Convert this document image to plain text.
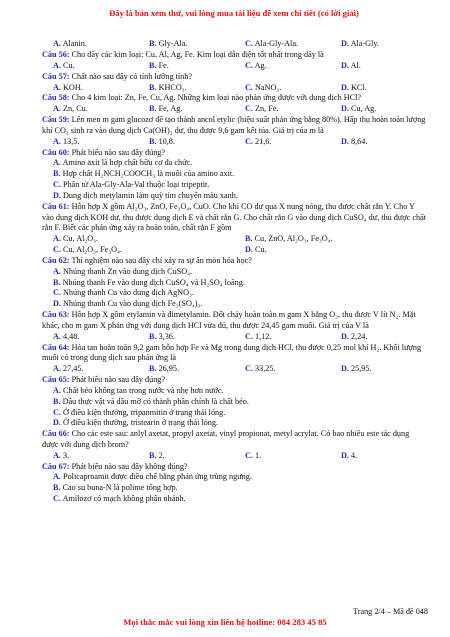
Đây là bản xem thử, vui lòng mua tài liệu để xem chi tiết (có lời giải)
A. Alanin.	B. Gly-Ala.	C. Ala-Gly-Ala.	D. Ala-Gly.
Câu 56: Cho dãy các kim loại: Cu, Al, Ag, Fe. Kim loại dẫn điện tốt nhất trong dãy là
A. Cu.	B. Fe.	C. Ag.	D. Al.
Câu 57: Chất nào sau đây có tính lưỡng tính?
A. KOH.	B. KHCO₃.	C. NaNO₃.	D. KCl.
Câu 58: Cho 4 kim loại: Zn, Fe, Cu, Ag. Những kim loại nào phản ứng được với dung dịch HCl?
A. Zn, Cu.	B. Fe, Ag.	C. Zn, Fe.	D. Cu, Ag.
Câu 59: Lên men m gam glucozơ để tạo thành ancol etylic (hiệu suất phản ứng bằng 80%). Hấp thụ hoàn toàn lượng khí CO₂ sinh ra vào dung dịch Ca(OH)₂ dư, thu được 9,6 gam kết tủa. Giá trị của m là
A. 13,5.	B. 10,8.	C. 21,6.	D. 8,64.
Câu 60: Phát biểu nào sau đây đúng?
A. Amino axit là hợp chất hữu cơ đa chức.
B. Hợp chất H₂NCH₂COOCH₃ là muối của amino axit.
C. Phân tử Ala-Gly-Ala-Val thuộc loại tripeptit.
D. Dung dịch metylamin làm quỳ tím chuyển màu xanh.
Câu 61: Hỗn hợp X gồm Al₂O₃, ZnO, Fe₃O₄, CuO. Cho khí CO dư qua X nung nóng, thu được chất rắn Y. Cho Y vào dung dịch KOH dư, thu được dung dịch E và chất rắn G. Cho chất rắn G vào dung dịch CuSO₄ dư, thu được chất rắn F. Biết các phản ứng xảy ra hoàn toàn, chất rắn F gồm
A. Cu, Al₂O₃.	B. Cu, ZnO, Al₂O₃, Fe₃O₄.
C. Cu, Al₂O₃, Fe₃O₄.	D. Cu.
Câu 62: Thí nghiệm nào sau đây chỉ xảy ra sự ăn mòn hóa học?
A. Nhúng thanh Zn vào dung dịch CuSO₄.
B. Nhúng thanh Fe vào dung dịch CuSO₄ và H₂SO₄ loãng.
C. Nhúng thanh Cu vào dung dịch AgNO₃.
D. Nhúng thanh Cu vào dung dịch Fe₂(SO₄)₃.
Câu 63: Hỗn hợp X gồm etylamin và đimetylamin. Đốt cháy hoàn toàn m gam X bằng O₂, thu được V lít N₂. Mặt khác, cho m gam X phản ứng với dung dịch HCl vừa đủ, thu được 24,45 gam muối. Giá trị của V là
A. 4,48.	B. 3,36.	C. 1,12.	D. 2,24.
Câu 64: Hòa tan hoàn toàn 9,2 gam hỗn hợp Fe và Mg trong dung dịch HCl, thu được 0,25 mol khí H₂. Khối lượng muối có trong dung dịch sau phản ứng là
A. 27,45.	B. 26,95.	C. 33,25.	D. 25,95.
Câu 65: Phát biểu nào sau đây đúng?
A. Chất béo không tan trong nước và nhẹ hơn nước.
B. Dầu thực vật và dầu mỡ có thành phần chính là chất béo.
C. Ở điều kiện thường, tripanmitin ở trạng thái lỏng.
D. Ở điều kiện thường, tristearin ở trạng thái lỏng.
Câu 66: Cho các este sau: anlyl axetat, propyl axetat, vinyl propionat, metyl acrylat. Có bao nhiêu este tác dụng được với dung dịch brom?
A. 3.	B. 2.	C. 1.	D. 4.
Câu 67: Phát biểu nào sau đây không đúng?
A. Policaproamit được điều chế bằng phản ứng trùng ngưng.
B. Cao su buna-N là polime tổng hợp.
C. Amilozơ có mạch không phân nhánh.
Trang 2/4 – Mã đề 048
Mọi thắc mắc vui lòng xin liên hệ hotline: 084 283 45 85
